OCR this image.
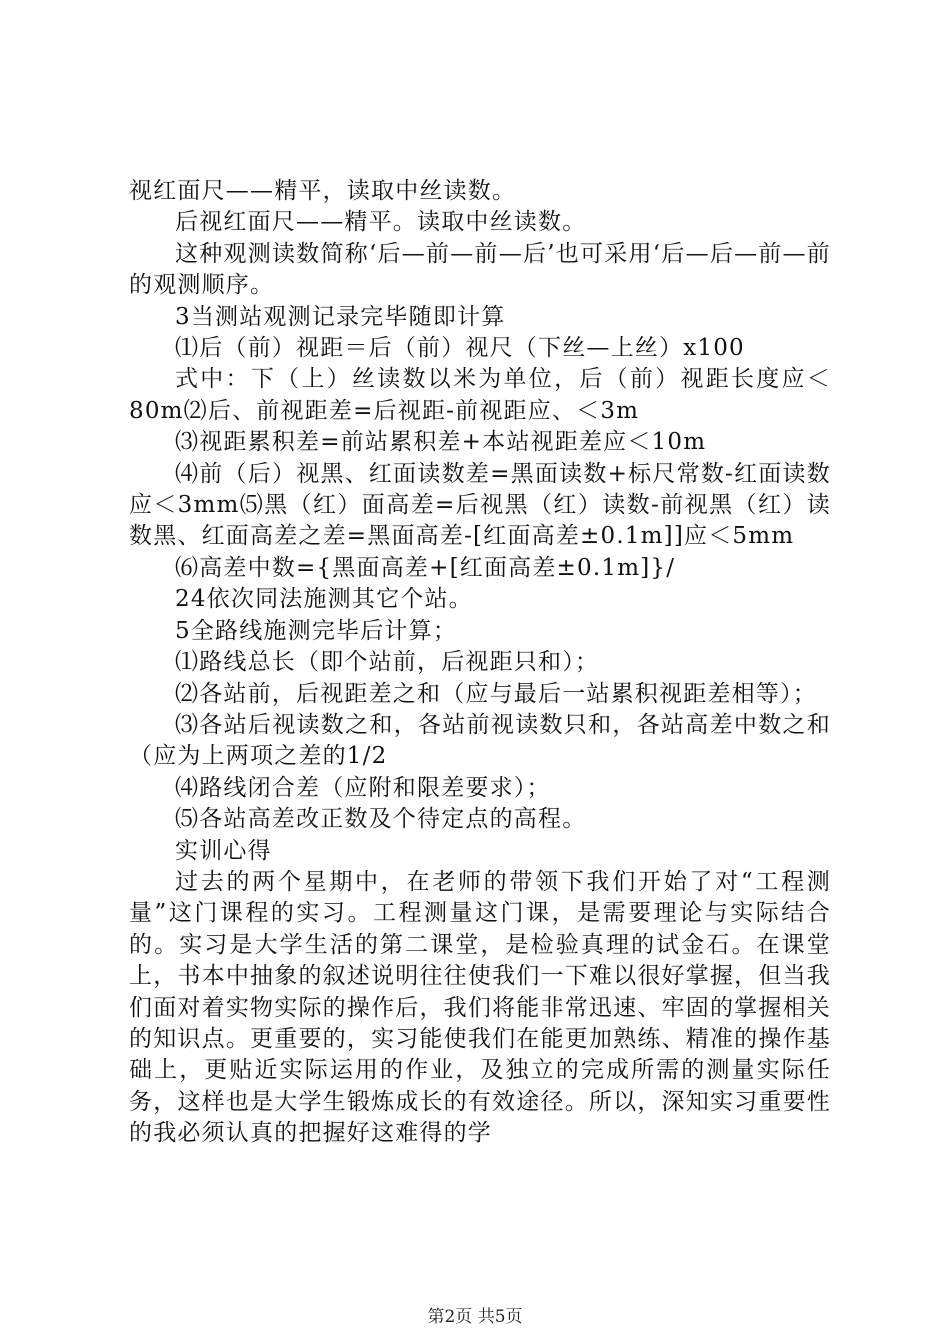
视红面尺——精平，读取中丝读数。

后视红面尺——精平。读取中丝读数。

这种观测读数简称‘后—前—前—后’也可采用‘后—后—前—前的观测顺序。

3当测站观测记录完毕随即计算

⑴后（前）视距＝后（前）视尺（下丝—上丝）x100

式中：下（上）丝读数以米为单位，后（前）视距长度应＜80m⑵后、前视距差=后视距-前视距应、＜3m

⑶视距累积差=前站累积差+本站视距差应＜10m

⑷前（后）视黑、红面读数差=黑面读数+标尺常数-红面读数应＜3mm⑸黑（红）面高差=后视黑（红）读数-前视黑（红）读数黑、红面高差之差=黑面高差-[红面高差±0.1m]]应＜5mm

⑹高差中数={黑面高差+[红面高差±0.1m]}/

24依次同法施测其它个站。

5全路线施测完毕后计算；

⑴路线总长（即个站前，后视距只和）；

⑵各站前，后视距差之和（应与最后一站累积视距差相等）；

⑶各站后视读数之和，各站前视读数只和，各站高差中数之和（应为上两项之差的1/2

⑷路线闭合差（应附和限差要求）；

⑸各站高差改正数及个待定点的高程。

实训心得

过去的两个星期中，在老师的带领下我们开始了对“工程测量”这门课程的实习。工程测量这门课，是需要理论与实际结合的。实习是大学生活的第二课堂，是检验真理的试金石。在课堂上，书本中抽象的叙述说明往往使我们一下难以很好掌握，但当我们面对着实物实际的操作后，我们将能非常迅速、牢固的掌握相关的知识点。更重要的，实习能使我们在能更加熟练、精准的操作基础上，更贴近实际运用的作业，及独立的完成所需的测量实际任务，这样也是大学生锻炼成长的有效途径。所以，深知实习重要性的我必须认真的把握好这难得的学

第2页 共5页
